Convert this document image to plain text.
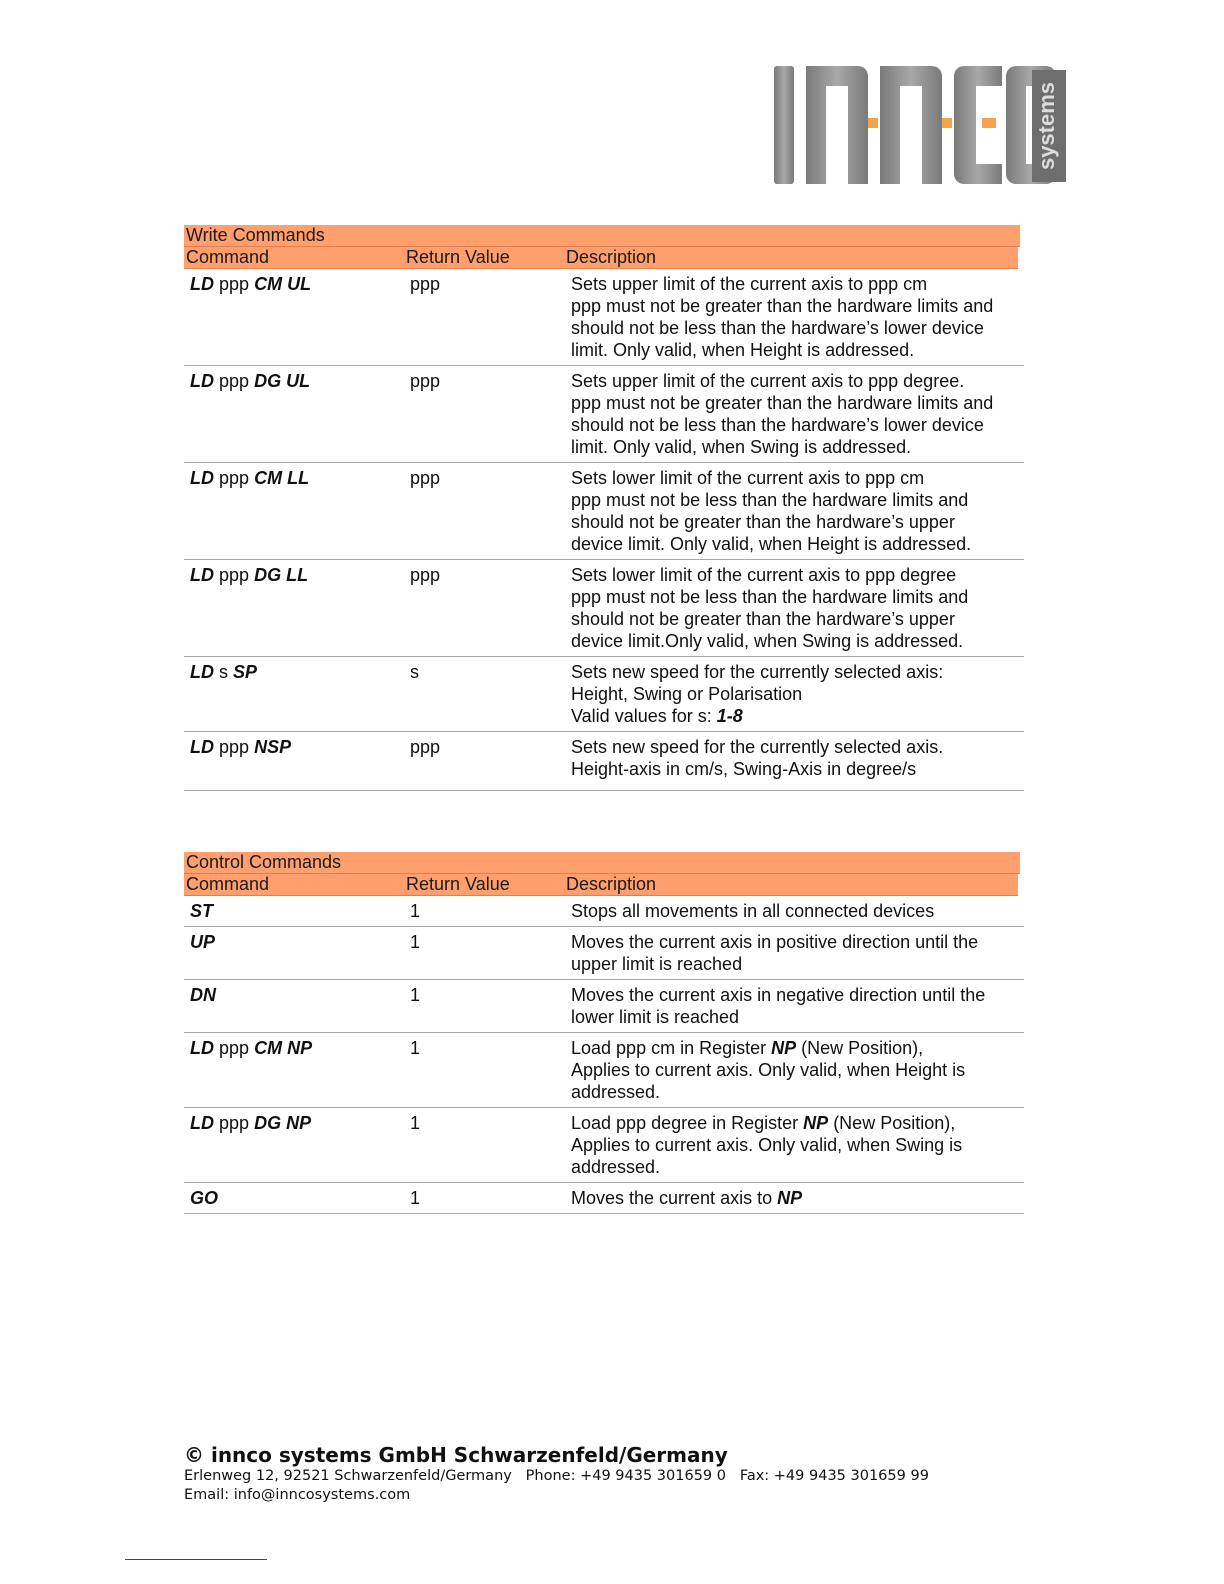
systems
Write Commands
Command	Return Value	Description
LD ppp CM UL	ppp	Sets upper limit of the current axis to ppp cm
ppp must not be greater than the hardware limits and
should not be less than the hardware’s lower device
limit. Only valid, when Height is addressed.
LD ppp DG UL	ppp	Sets upper limit of the current axis to ppp degree.
ppp must not be greater than the hardware limits and
should not be less than the hardware’s lower device
limit. Only valid, when Swing is addressed.
LD ppp CM LL	ppp	Sets lower limit of the current axis to ppp cm
ppp must not be less than the hardware limits and
should not be greater than the hardware’s upper
device limit. Only valid, when Height is addressed.
LD ppp DG LL	ppp	Sets lower limit of the current axis to ppp degree
ppp must not be less than the hardware limits and
should not be greater than the hardware’s upper
device limit.Only valid, when Swing is addressed.
LD s SP	s	Sets new speed for the currently selected axis:
Height, Swing or Polarisation
Valid values for s: 1-8
LD ppp NSP	ppp	Sets new speed for the currently selected axis.
Height-axis in cm/s, Swing-Axis in degree/s
Control Commands
Command	Return Value	Description
ST	1	Stops all movements in all connected devices
UP	1	Moves the current axis in positive direction until the
upper limit is reached
DN	1	Moves the current axis in negative direction until the
lower limit is reached
LD ppp CM NP	1	Load ppp cm in Register NP (New Position),
Applies to current axis. Only valid, when Height is
addressed.
LD ppp DG NP	1	Load ppp degree in Register NP (New Position),
Applies to current axis. Only valid, when Swing is
addressed.
GO	1	Moves the current axis to NP
© innco systems GmbH Schwarzenfeld/Germany
Erlenweg 12, 92521 Schwarzenfeld/Germany   Phone: +49 9435 301659 0   Fax: +49 9435 301659 99
Email: info@inncosystems.com
